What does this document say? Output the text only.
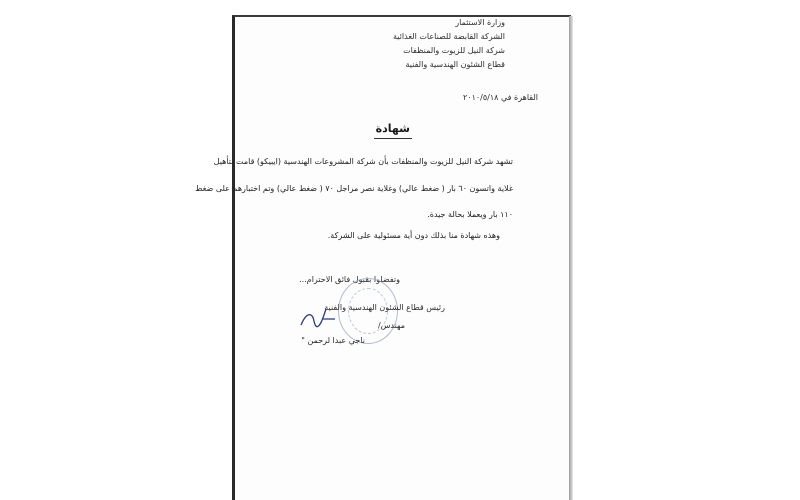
وزارة الاستثمار
الشركة القابضة للصناعات الغذائية
شركة النيل للزيوت والمنظفات
قطاع الشئون الهندسية والفنية
القاهرة في ٢٠١٠/٥/١٨
شهادة
تشهد شركة النيل للزيوت والمنظفات بأن شركة المشروعات الهندسية (ايبيكو) قامت بتأهيل
غلاية واتسون ٦٠ بار ( ضغط عالي) وغلاية نصر مراجل ٧٠ ( ضغط عالي) وتم اختبارهم على ضغط
١١٠ بار ويعملا بحالة جيدة.
وهذه شهادة منا بذلك دون أية مسئولية على الشركة.
وتفضلوا بقبول فائق الاحترام...
رئيس قطاع الشئون الهندسية والفنية
مهندس/
ناجي عبدا لرحمن "
